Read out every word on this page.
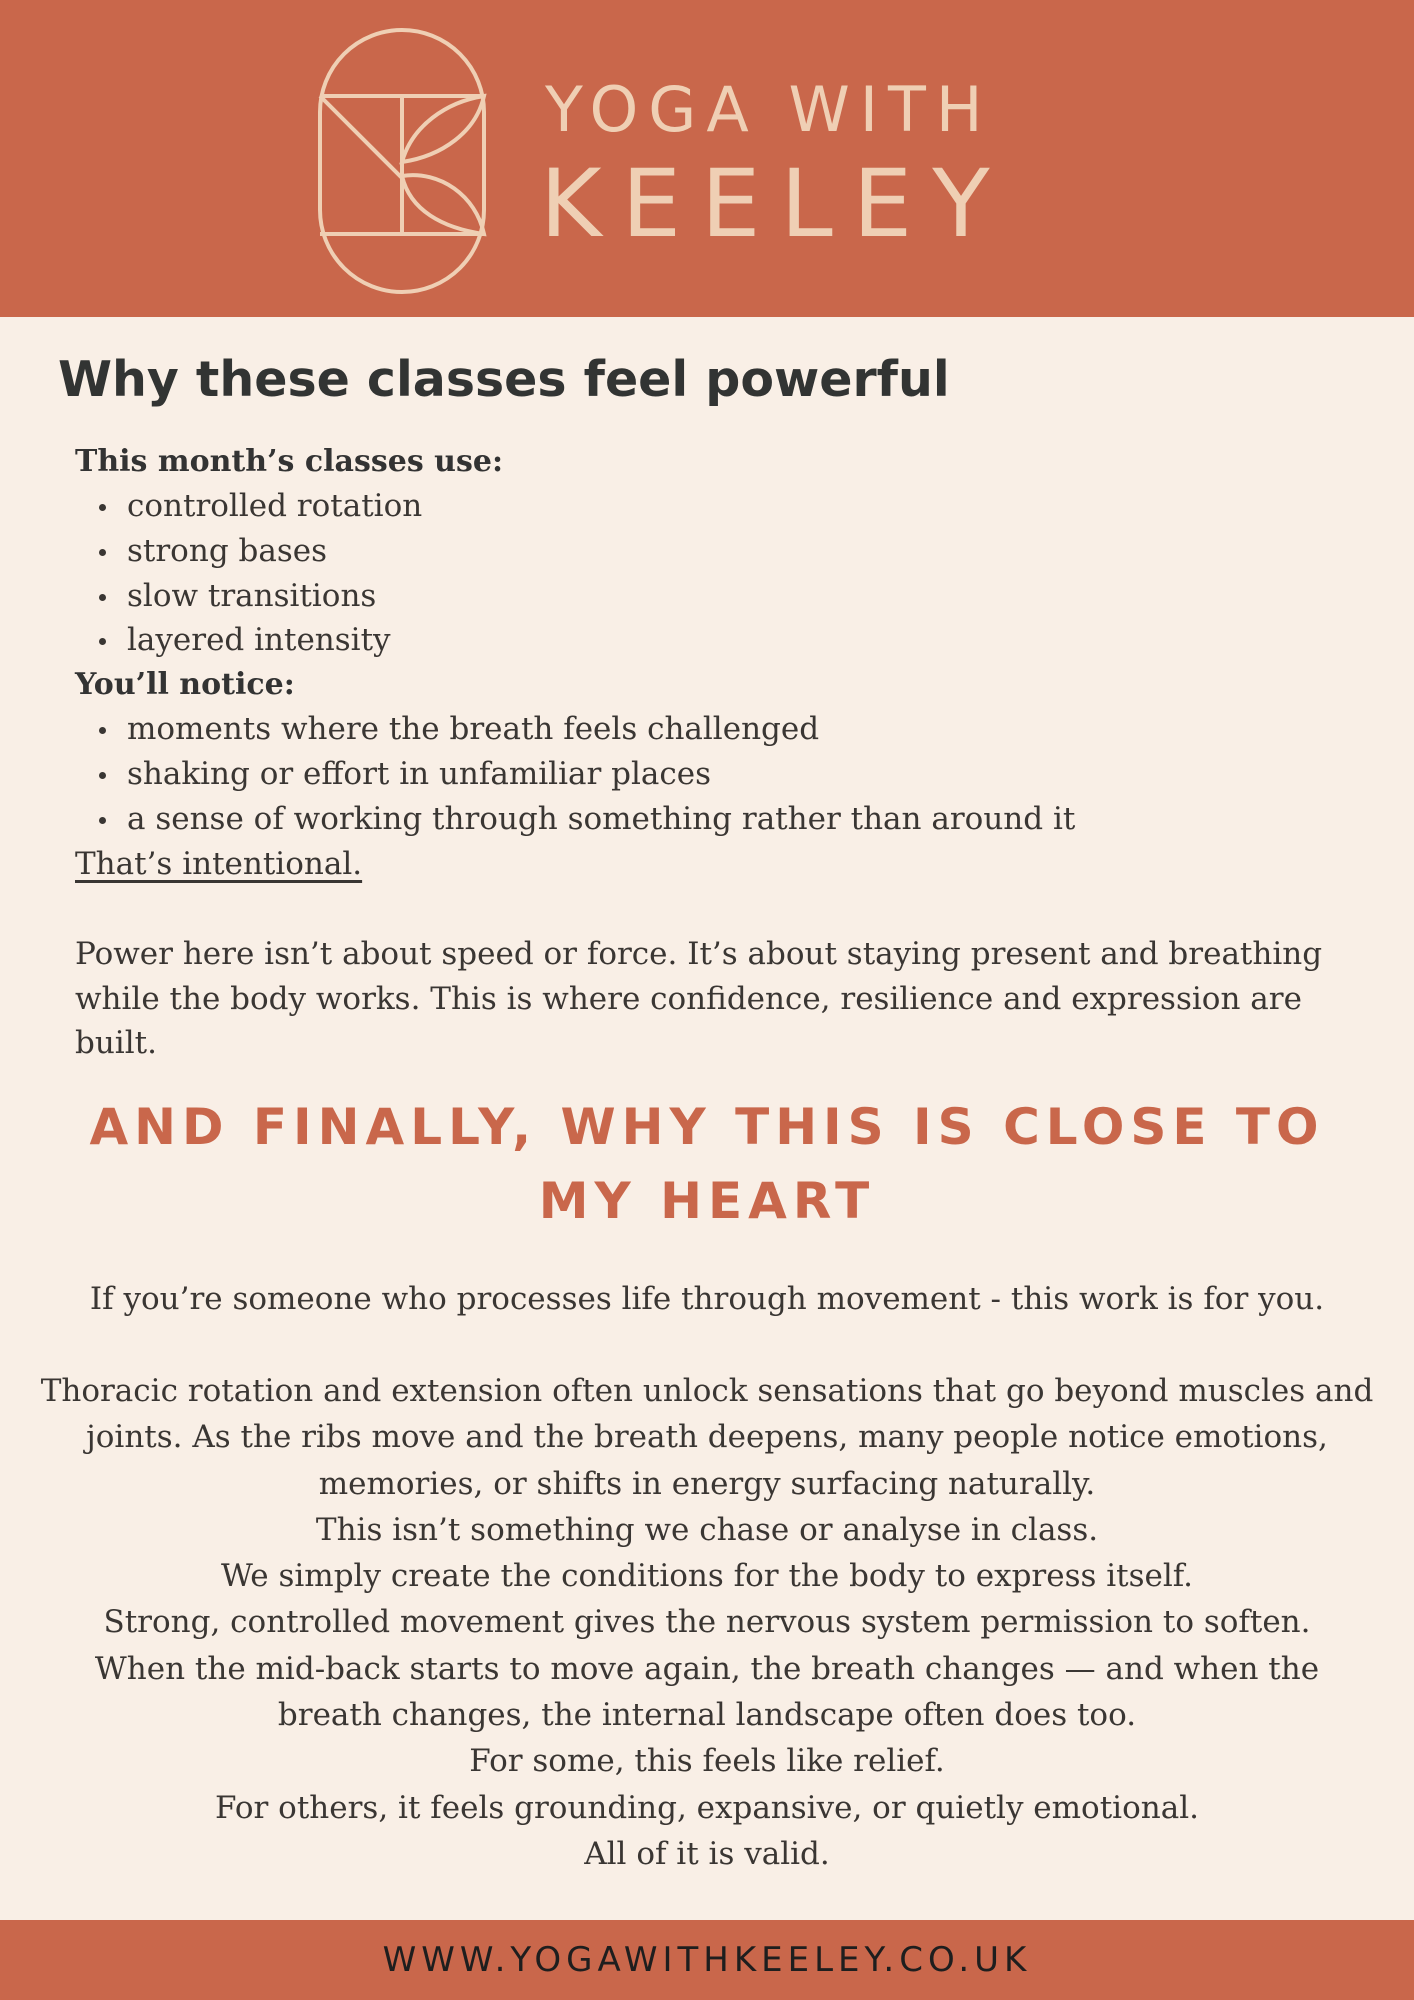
YOGA WITH
KEELEY
Why these classes feel powerful
This month’s classes use:
controlled rotation
strong bases
slow transitions
layered intensity
You’ll notice:
moments where the breath feels challenged
shaking or effort in unfamiliar places
a sense of working through something rather than around it
That’s intentional.

Power here isn’t about speed or force. It’s about staying present and breathing while the body works. This is where confidence, resilience and expression are built.

AND FINALLY, WHY THIS IS CLOSE TO MY HEART

If you’re someone who processes life through movement - this work is for you.

Thoracic rotation and extension often unlock sensations that go beyond muscles and joints. As the ribs move and the breath deepens, many people notice emotions, memories, or shifts in energy surfacing naturally.
This isn’t something we chase or analyse in class.
We simply create the conditions for the body to express itself.
Strong, controlled movement gives the nervous system permission to soften.
When the mid-back starts to move again, the breath changes — and when the breath changes, the internal landscape often does too.
For some, this feels like relief.
For others, it feels grounding, expansive, or quietly emotional.
All of it is valid.

WWW.YOGAWITHKEELEY.CO.UK
